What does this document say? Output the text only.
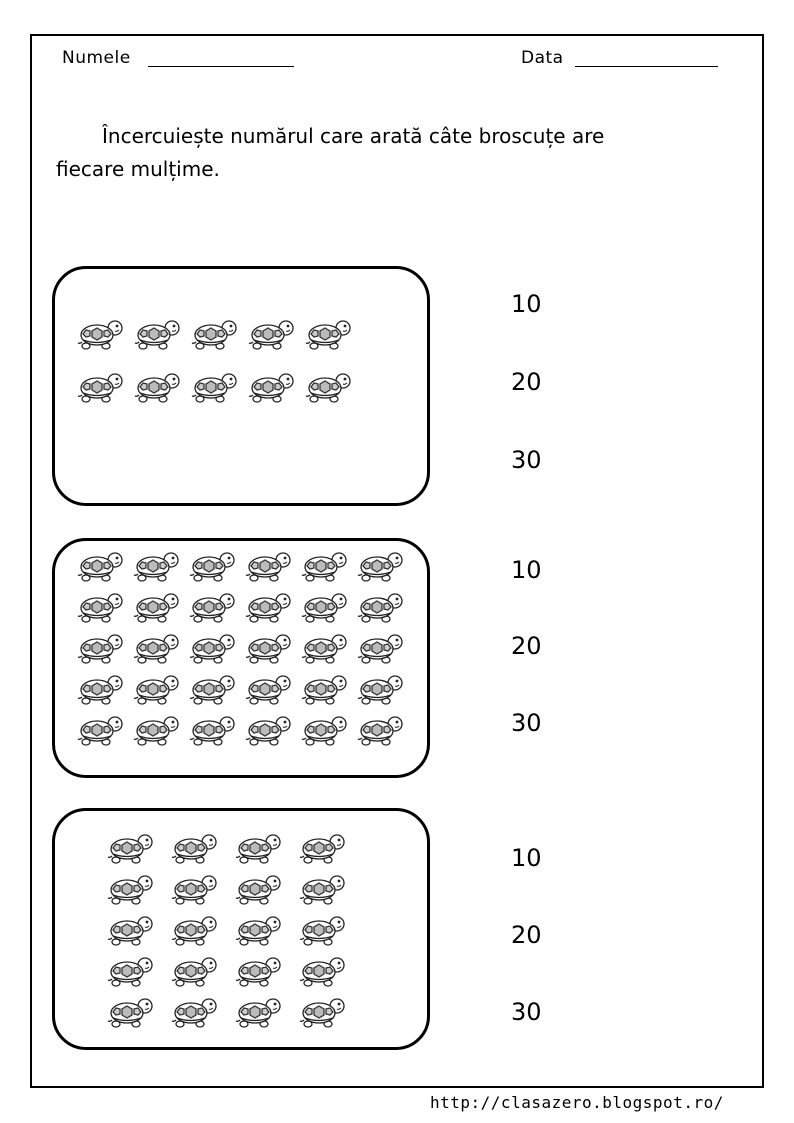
Numele	Data
Încercuiește numărul care arată câte broscuțe are
fiecare mulțime.
10
20
30
10
20
30
10
20
30
http://clasazero.blogspot.ro/
